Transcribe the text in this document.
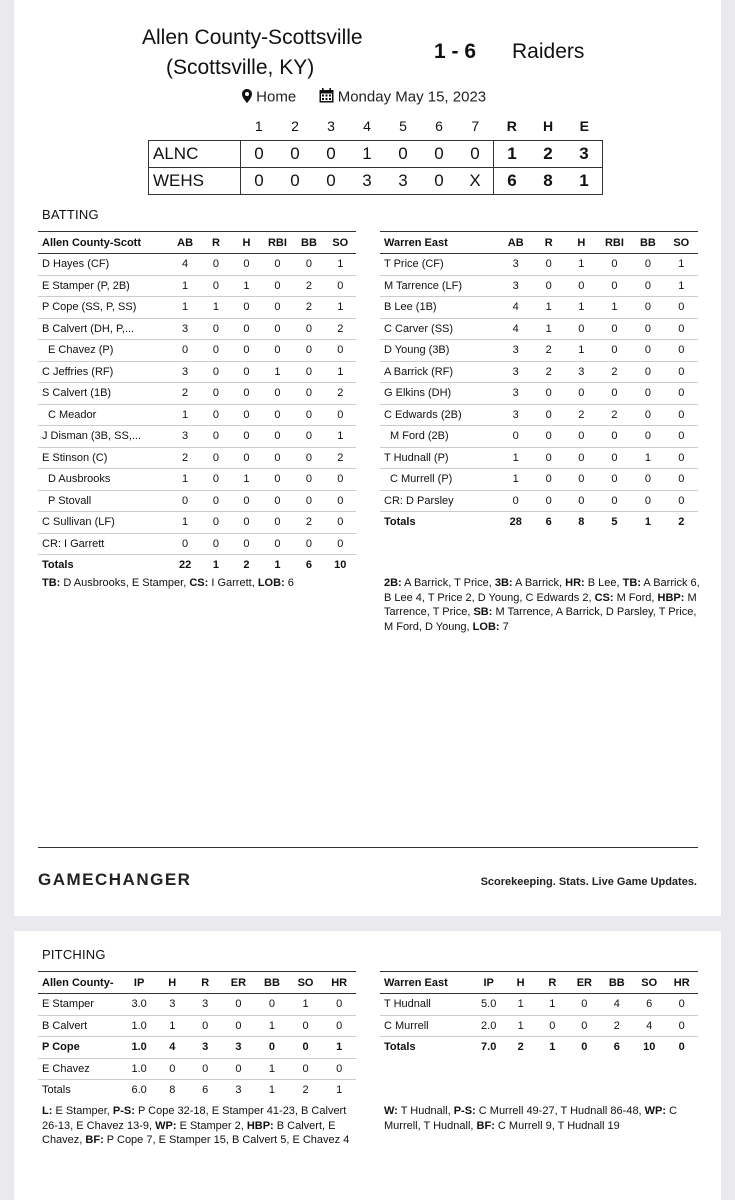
Allen County-Scottsville
(Scottsville, KY)
1 - 6 Raiders
Home	Monday May 15, 2023
	1	2	3	4	5	6	7	R	H	E
ALNC	0	0	0	1	0	0	0	1	2	3
WEHS	0	0	0	3	3	0	X	6	8	1
BATTING
Allen County-Scott	AB	R	H	RBI	BB	SO
D Hayes (CF)	4	0	0	0	0	1
E Stamper (P, 2B)	1	0	1	0	2	0
P Cope (SS, P, SS)	1	1	0	0	2	1
B Calvert (DH, P,...	3	0	0	0	0	2
E Chavez (P)	0	0	0	0	0	0
C Jeffries (RF)	3	0	0	1	0	1
S Calvert (1B)	2	0	0	0	0	2
C Meador	1	0	0	0	0	0
J Disman (3B, SS,...	3	0	0	0	0	1
E Stinson (C)	2	0	0	0	0	2
D Ausbrooks	1	0	1	0	0	0
P Stovall	0	0	0	0	0	0
C Sullivan (LF)	1	0	0	0	2	0
CR: I Garrett	0	0	0	0	0	0
Totals	22	1	2	1	6	10
Warren East	AB	R	H	RBI	BB	SO
T Price (CF)	3	0	1	0	0	1
M Tarrence (LF)	3	0	0	0	0	1
B Lee (1B)	4	1	1	1	0	0
C Carver (SS)	4	1	0	0	0	0
D Young (3B)	3	2	1	0	0	0
A Barrick (RF)	3	2	3	2	0	0
G Elkins (DH)	3	0	0	0	0	0
C Edwards (2B)	3	0	2	2	0	0
M Ford (2B)	0	0	0	0	0	0
T Hudnall (P)	1	0	0	0	1	0
C Murrell (P)	1	0	0	0	0	0
CR: D Parsley	0	0	0	0	0	0
Totals	28	6	8	5	1	2
TB: D Ausbrooks, E Stamper, CS: I Garrett, LOB: 6	2B: A Barrick, T Price, 3B: A Barrick, HR: B Lee, TB: A Barrick 6, B Lee 4, T Price 2, D Young, C Edwards 2, CS: M Ford, HBP: M Tarrence, T Price, SB: M Tarrence, A Barrick, D Parsley, T Price, M Ford, D Young, LOB: 7
GAMECHANGER	Scorekeeping. Stats. Live Game Updates.
PITCHING
Allen County-	IP	H	R	ER	BB	SO	HR
E Stamper	3.0	3	3	0	0	1	0
B Calvert	1.0	1	0	0	1	0	0
P Cope	1.0	4	3	3	0	0	1
E Chavez	1.0	0	0	0	1	0	0
Totals	6.0	8	6	3	1	2	1
Warren East	IP	H	R	ER	BB	SO	HR
T Hudnall	5.0	1	1	0	4	6	0
C Murrell	2.0	1	0	0	2	4	0
Totals	7.0	2	1	0	6	10	0
L: E Stamper, P-S: P Cope 32-18, E Stamper 41-23, B Calvert 26-13, E Chavez 13-9, WP: E Stamper 2, HBP: B Calvert, E Chavez, BF: P Cope 7, E Stamper 15, B Calvert 5, E Chavez 4
W: T Hudnall, P-S: C Murrell 49-27, T Hudnall 86-48, WP: C Murrell, T Hudnall, BF: C Murrell 9, T Hudnall 19
